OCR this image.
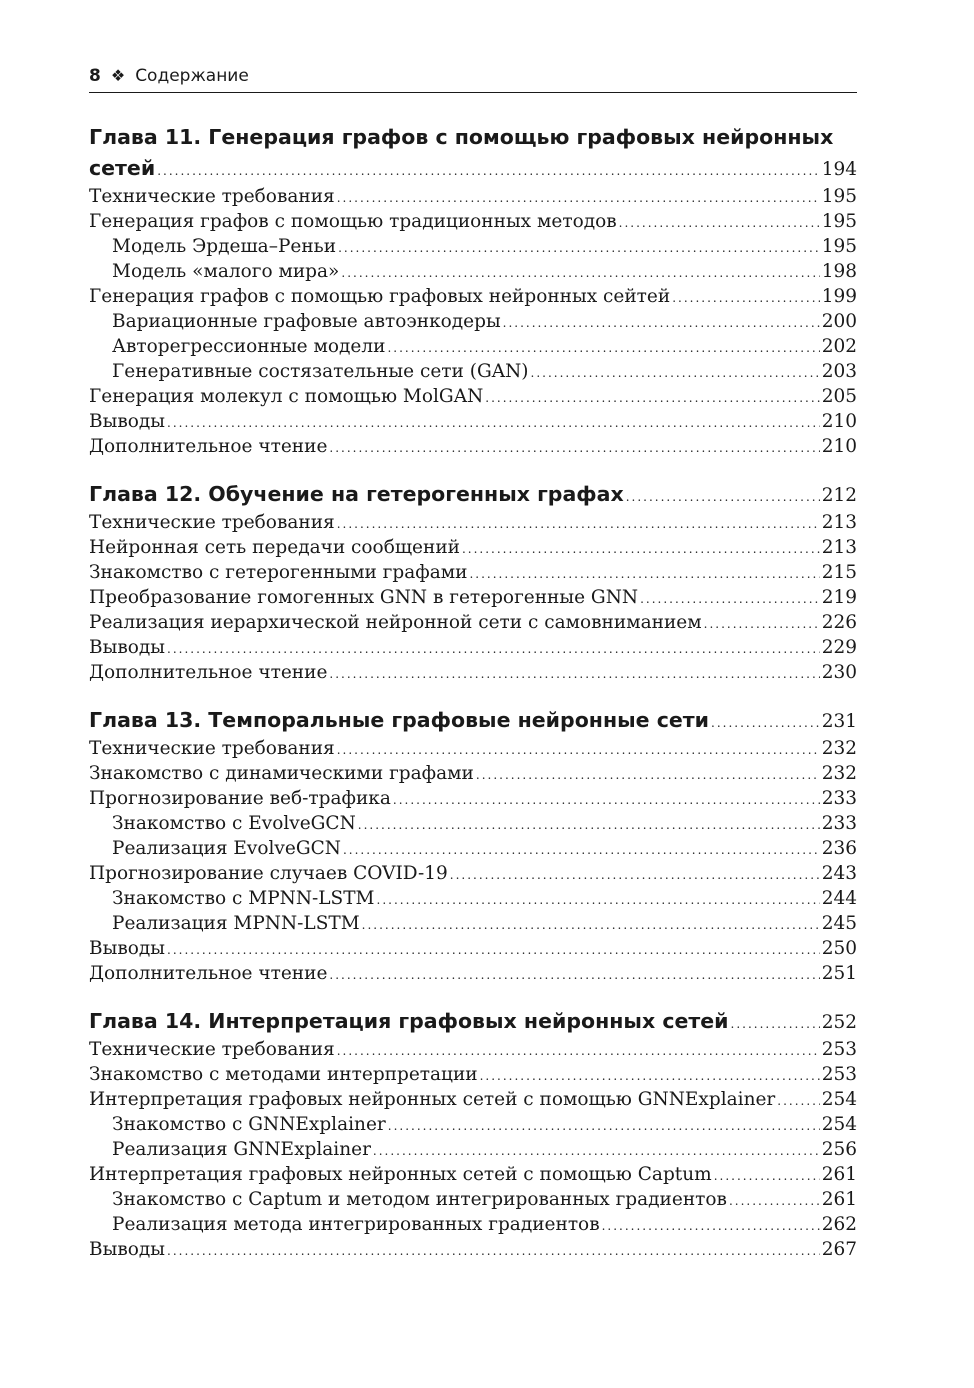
8 ❖ Содержание
Глава 11. Генерация графов с помощью графовых нейронных
сетей .....	194
Технические требования .....	195
Генерация графов с помощью традиционных методов .....	195
Модель Эрдеша–Реньи .....	195
Модель «малого мира» .....	198
Генерация графов с помощью графовых нейронных сейтей .....	199
Вариационные графовые автоэнкодеры .....	200
Авторегрессионные модели .....	202
Генеративные состязательные сети (GAN) .....	203
Генерация молекул с помощью MolGAN .....	205
Выводы .....	210
Дополнительное чтение .....	210
Глава 12. Обучение на гетерогенных графах .....	212
Технические требования .....	213
Нейронная сеть передачи сообщений .....	213
Знакомство с гетерогенными графами .....	215
Преобразование гомогенных GNN в гетерогенные GNN .....	219
Реализация иерархической нейронной сети с самовниманием .....	226
Выводы .....	229
Дополнительное чтение .....	230
Глава 13. Темпоральные графовые нейронные сети .....	231
Технические требования .....	232
Знакомство с динамическими графами .....	232
Прогнозирование веб-трафика .....	233
Знакомство с EvolveGCN .....	233
Реализация EvolveGCN .....	236
Прогнозирование случаев COVID-19 .....	243
Знакомство с MPNN-LSTM .....	244
Реализация MPNN-LSTM .....	245
Выводы .....	250
Дополнительное чтение .....	251
Глава 14. Интерпретация графовых нейронных сетей .....	252
Технические требования .....	253
Знакомство с методами интерпретации .....	253
Интерпретация графовых нейронных сетей с помощью GNNExplainer .....	254
Знакомство с GNNExplainer .....	254
Реализация GNNExplainer .....	256
Интерпретация графовых нейронных сетей с помощью Captum .....	261
Знакомство с Captum и методом интегрированных градиентов .....	261
Реализация метода интегрированных градиентов .....	262
Выводы .....	267
